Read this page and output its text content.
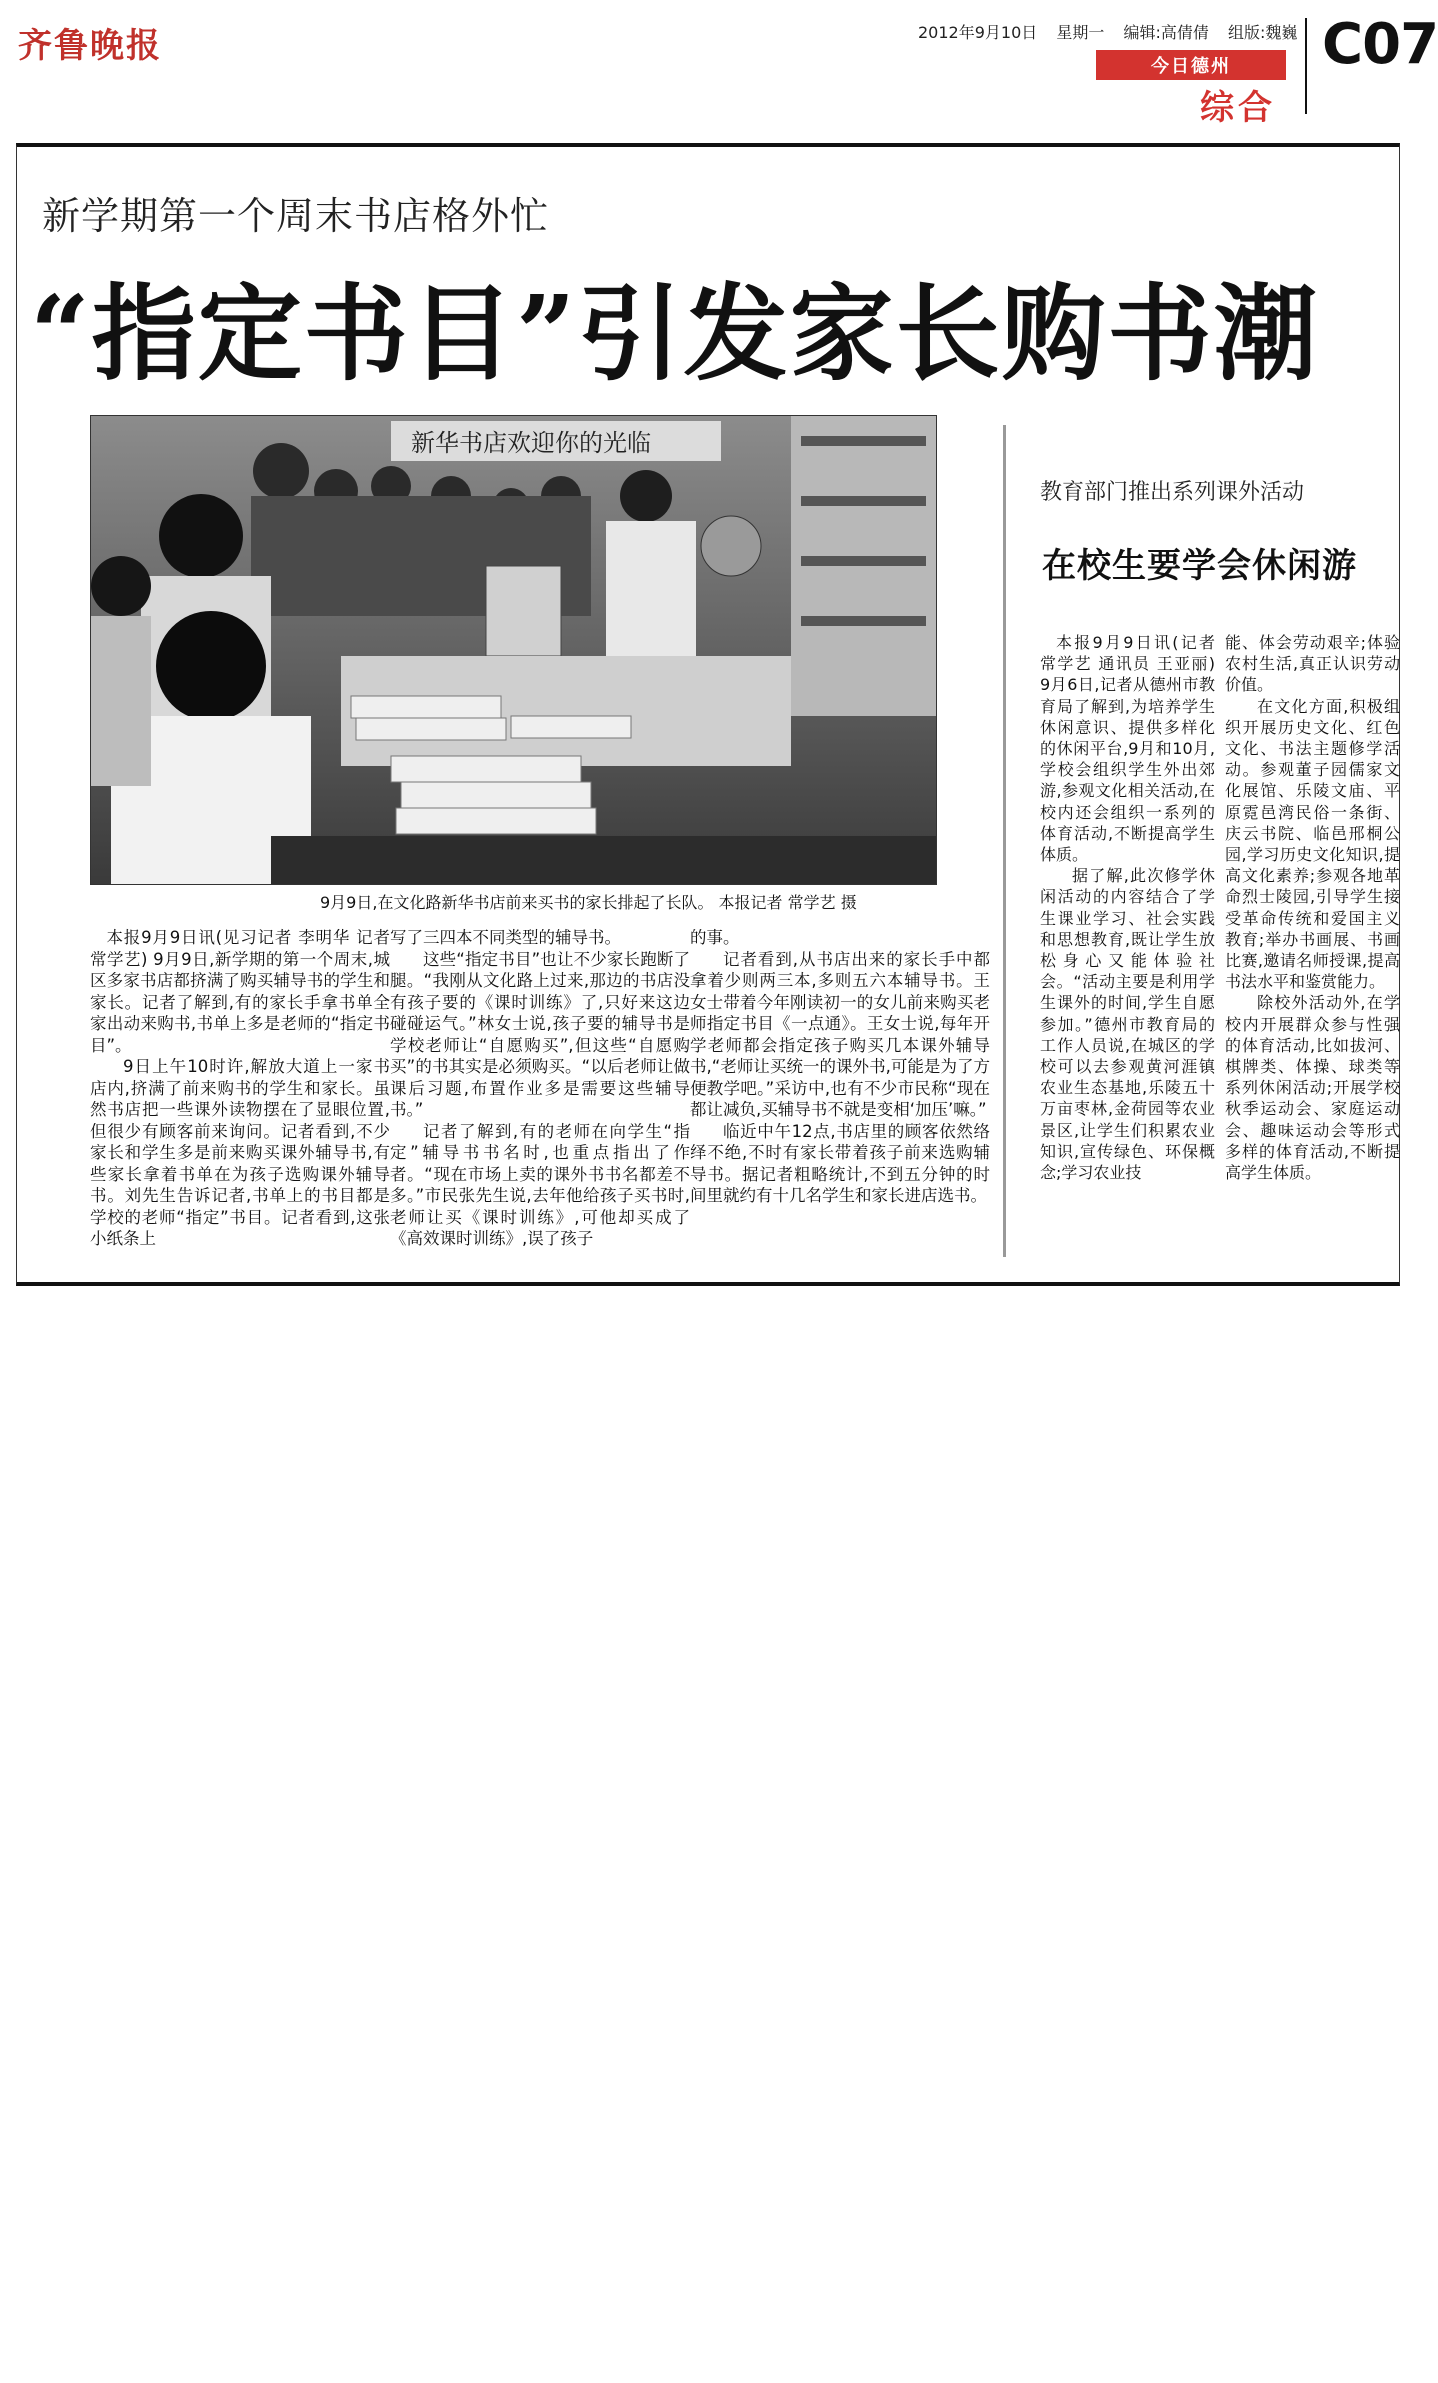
齐鲁晚报	2012年9月10日 星期一 编辑:高倩倩 组版:魏巍
今日德州
综合
C07
新学期第一个周末书店格外忙
“指定书目”引发家长购书潮
新华书店欢迎你的光临
9月9日,在文化路新华书店前来买书的家长排起了长队。 本报记者 常学艺 摄

本报9月9日讯(见习记者 李明华 记者 常学艺) 9月9日,新学期的第一个周末,城区多家书店都挤满了购买辅导书的学生和家长。记者了解到,有的家长手拿书单全家出动来购书,书单上多是老师的“指定书目”。

9日上午10时许,解放大道上一家书店内,挤满了前来购书的学生和家长。虽然书店把一些课外读物摆在了显眼位置,但很少有顾客前来询问。记者看到,不少家长和学生多是前来购买课外辅导书,有些家长拿着书单在为孩子选购课外辅导书。刘先生告诉记者,书单上的书目都是学校的老师“指定”书目。记者看到,这张小纸条上

写了三四本不同类型的辅导书。

这些“指定书目”也让不少家长跑断了腿。“我刚从文化路上过来,那边的书店没有孩子要的《课时训练》了,只好来这边碰碰运气。”林女士说,孩子要的辅导书是学校老师让“自愿购买”,但这些“自愿购买”的书其实是必须购买。“以后老师让做课后习题,布置作业多是需要这些辅导书。”

记者了解到,有的老师在向学生“指定”辅导书书名时,也重点指出了作者。“现在市场上卖的课外书书名都差不多。”市民张先生说,去年他给孩子买书时,老师让买《课时训练》,可他却买成了《高效课时训练》,误了孩子

的事。

记者看到,从书店出来的家长手中都拿着少则两三本,多则五六本辅导书。王女士带着今年刚读初一的女儿前来购买老师指定书目《一点通》。王女士说,每年开学老师都会指定孩子购买几本课外辅导书,“老师让买统一的课外书,可能是为了方便教学吧。”采访中,也有不少市民称“现在都让减负,买辅导书不就是变相‘加压’嘛。”

临近中午12点,书店里的顾客依然络绎不绝,不时有家长带着孩子前来选购辅导书。据记者粗略统计,不到五分钟的时间里就约有十几名学生和家长进店选书。

教育部门推出系列课外活动
在校生要学会休闲游

本报9月9日讯(记者 常学艺 通讯员 王亚丽) 9月6日,记者从德州市教育局了解到,为培养学生休闲意识、提供多样化的休闲平台,9月和10月,学校会组织学生外出郊游,参观文化相关活动,在校内还会组织一系列的体育活动,不断提高学生体质。

据了解,此次修学休闲活动的内容结合了学生课业学习、社会实践和思想教育,既让学生放松身心又能体验社会。“活动主要是利用学生课外的时间,学生自愿参加。”德州市教育局的工作人员说,在城区的学校可以去参观黄河涯镇农业生态基地,乐陵五十万亩枣林,金荷园等农业景区,让学生们积累农业知识,宣传绿色、环保概念;学习农业技

能、体会劳动艰辛;体验农村生活,真正认识劳动价值。

在文化方面,积极组织开展历史文化、红色文化、书法主题修学活动。参观董子园儒家文化展馆、乐陵文庙、平原霓邑湾民俗一条街、庆云书院、临邑邢桐公园,学习历史文化知识,提高文化素养;参观各地革命烈士陵园,引导学生接受革命传统和爱国主义教育;举办书画展、书画比赛,邀请名师授课,提高书法水平和鉴赏能力。

除校外活动外,在学校内开展群众参与性强的体育活动,比如拔河、棋牌类、体操、球类等系列休闲活动;开展学校秋季运动会、家庭运动会、趣味运动会等形式多样的体育活动,不断提高学生体质。
